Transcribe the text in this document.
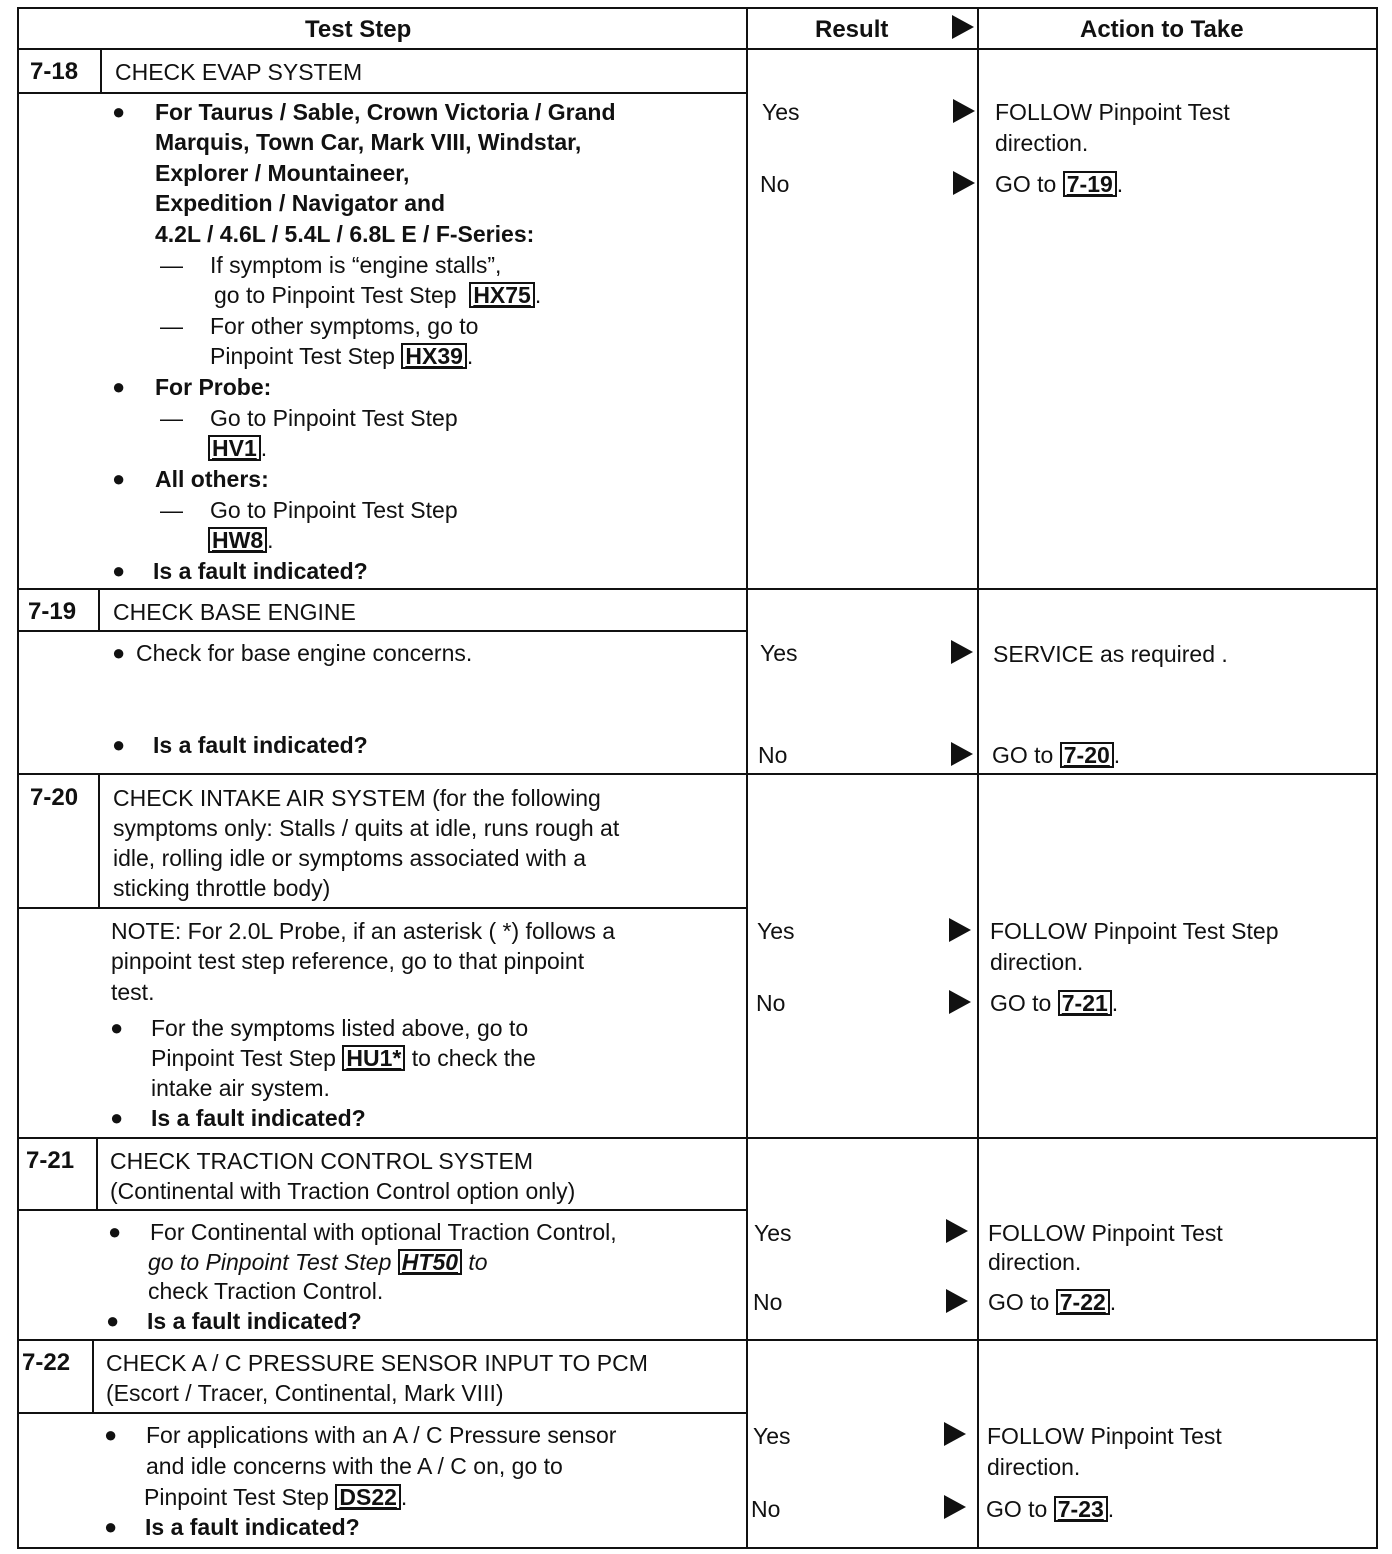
Test Step	Result	Action to Take
7-18 CHECK EVAP SYSTEM
● For Taurus / Sable, Crown Victoria / Grand
Marquis, Town Car, Mark VIII, Windstar,
Explorer / Mountaineer,
Expedition / Navigator and
4.2L / 4.6L / 5.4L / 6.8L E / F-Series:
— If symptom is “engine stalls”,
go to Pinpoint Test Step HX75 .
— For other symptoms, go to
Pinpoint Test Step HX39 .
● For Probe:
— Go to Pinpoint Test Step
HV1 .
● All others:
— Go to Pinpoint Test Step
HW8 .
● Is a fault indicated?
Yes	FOLLOW Pinpoint Test
direction.
No	GO to 7-19 .
7-19 CHECK BASE ENGINE
● Check for base engine concerns.
● Is a fault indicated?
Yes	SERVICE as required .
No	GO to 7-20 .
7-20 CHECK INTAKE AIR SYSTEM (for the following
symptoms only: Stalls / quits at idle, runs rough at
idle, rolling idle or symptoms associated with a
sticking throttle body)
NOTE: For 2.0L Probe, if an asterisk ( *) follows a
pinpoint test step reference, go to that pinpoint
test.
● For the symptoms listed above, go to
Pinpoint Test Step HU1* to check the
intake air system.
● Is a fault indicated?
Yes	FOLLOW Pinpoint Test Step
direction.
No	GO to 7-21 .
7-21 CHECK TRACTION CONTROL SYSTEM
(Continental with Traction Control option only)
● For Continental with optional Traction Control,
go to Pinpoint Test Step HT50 to
check Traction Control.
● Is a fault indicated?
Yes	FOLLOW Pinpoint Test
direction.
No	GO to 7-22 .
7-22 CHECK A / C PRESSURE SENSOR INPUT TO PCM
(Escort / Tracer, Continental, Mark VIII)
● For applications with an A / C Pressure sensor
and idle concerns with the A / C on, go to
Pinpoint Test Step DS22 .
● Is a fault indicated?
Yes	FOLLOW Pinpoint Test
direction.
No	GO to 7-23 .
